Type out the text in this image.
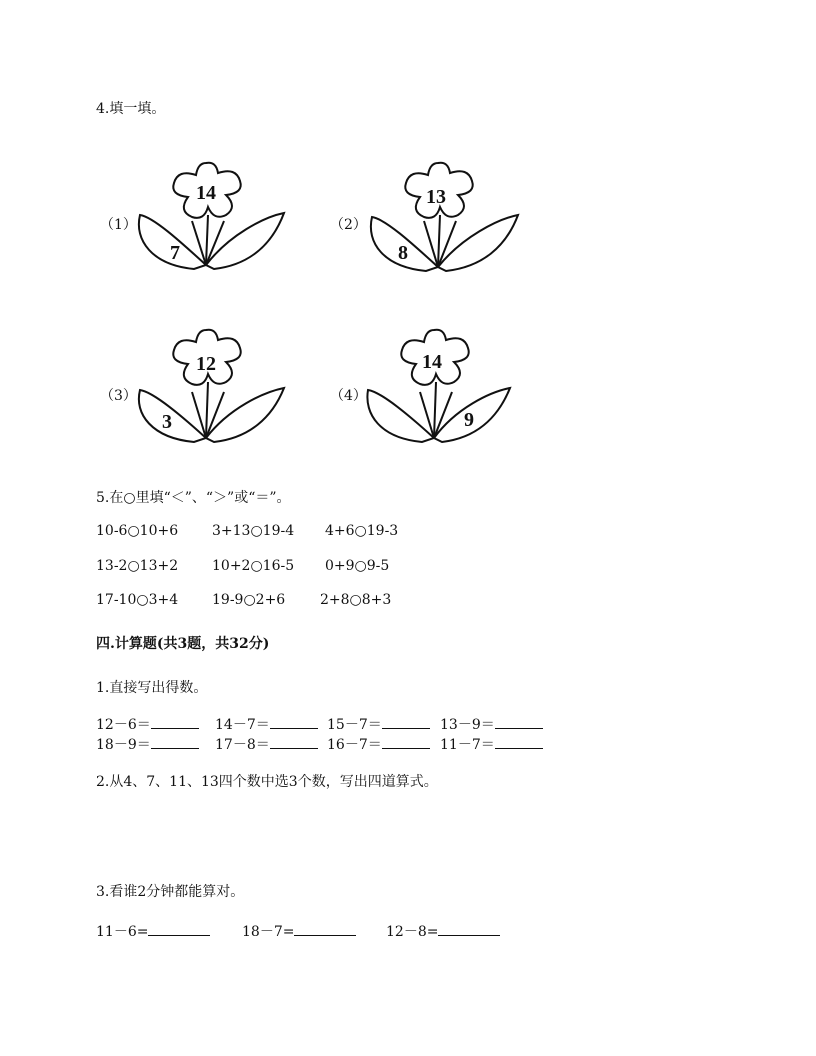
4.填一填。
（1）
14
7
（2）
13
8
（3）
12
3
（4）
14
9
5.在○里填“＜”、“＞”或“＝”。
10-6○10+6 3+13○19-4 4+6○19-3
13-2○13+2 10+2○16-5 0+9○9-5
17-10○3+4 19-9○2+6 2+8○8+3
四.计算题(共3题，共32分)
1.直接写出得数。
12－6＝	14－7＝	15－7＝	13－9＝
18－9＝	17－8＝	16－7＝	11－7＝
2.从4、7、11、13四个数中选3个数，写出四道算式。
3.看谁2分钟都能算对。
11－6=	18－7=	12－8=
